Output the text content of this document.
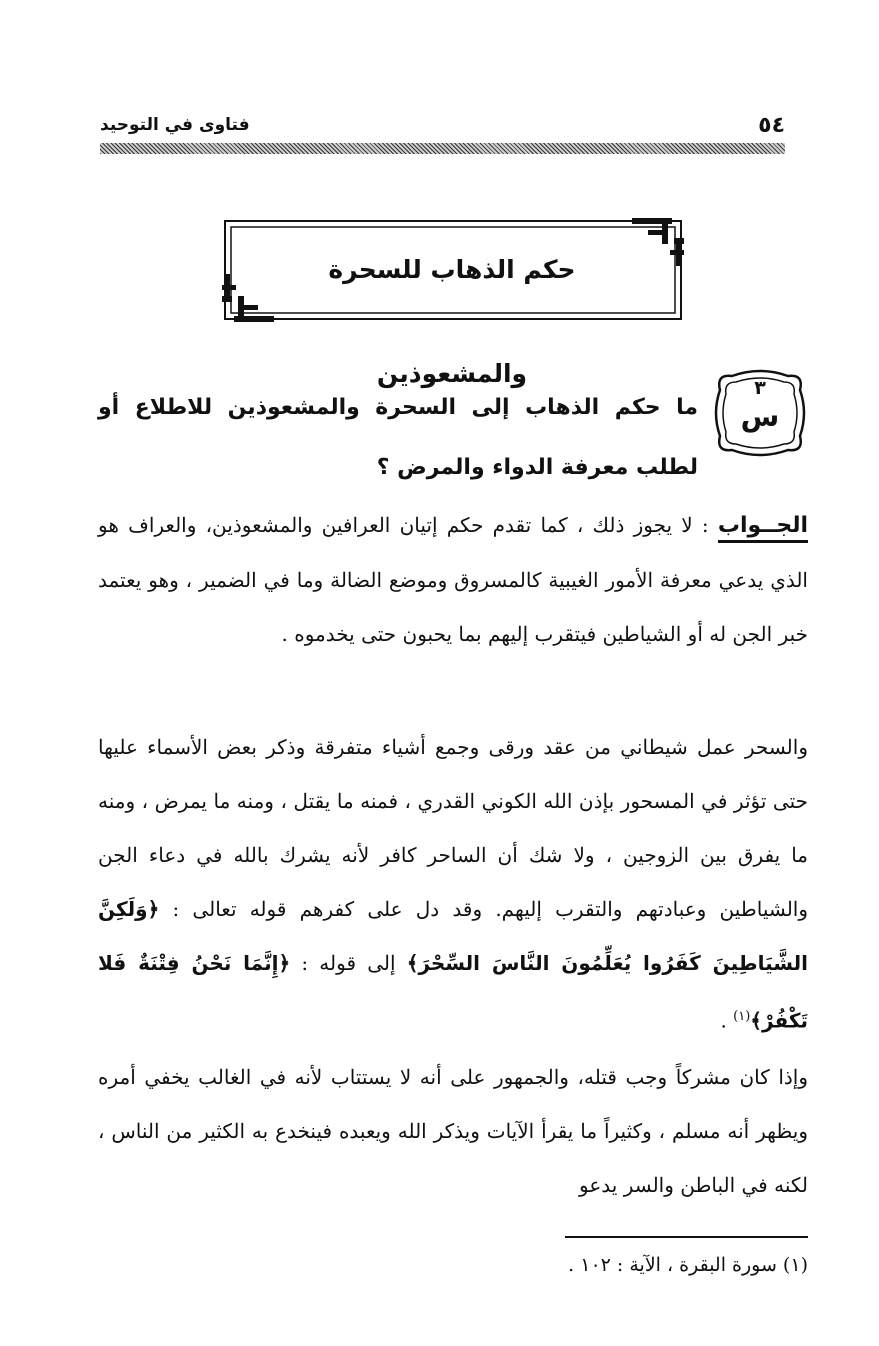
٥٤
فتاوى في التوحيد
حكم الذهاب للسحرة والمشعوذين	٣
س

ما حكم الذهاب إلى السحرة والمشعوذين للاطلاع أو لطلب معرفة الدواء والمرض ؟

الجــواب : لا يجوز ذلك ، كما تقدم حكم إتيان العرافين والمشعوذين، والعراف هو الذي يدعي معرفة الأمور الغيبية كالمسروق وموضع الضالة وما في الضمير ، وهو يعتمد خبر الجن له أو الشياطين فيتقرب إليهم بما يحبون حتى يخدموه .

والسحر عمل شيطاني من عقد ورقى وجمع أشياء متفرقة وذكر بعض الأسماء عليها حتى تؤثر في المسحور بإذن الله الكوني القدري ، فمنه ما يقتل ، ومنه ما يمرض ، ومنه ما يفرق بين الزوجين ، ولا شك أن الساحر كافر لأنه يشرك بالله في دعاء الجن والشياطين وعبادتهم والتقرب إليهم. وقد دل على كفرهم قوله تعالى : ﴿وَلَكِنَّ الشَّيَاطِينَ كَفَرُوا يُعَلِّمُونَ النَّاسَ السِّحْرَ﴾ إلى قوله : ﴿إِنَّمَا نَحْنُ فِتْنَةٌ فَلا تَكْفُرْ﴾$^{(١)}$ .

وإذا كان مشركاً وجب قتله، والجمهور على أنه لا يستتاب لأنه في الغالب يخفي أمره ويظهر أنه مسلم ، وكثيراً ما يقرأ الآيات ويذكر الله ويعبده فينخدع به الكثير من الناس ، لكنه في الباطن والسر يدعو

(١) سورة البقرة ، الآية : ١٠٢ .
